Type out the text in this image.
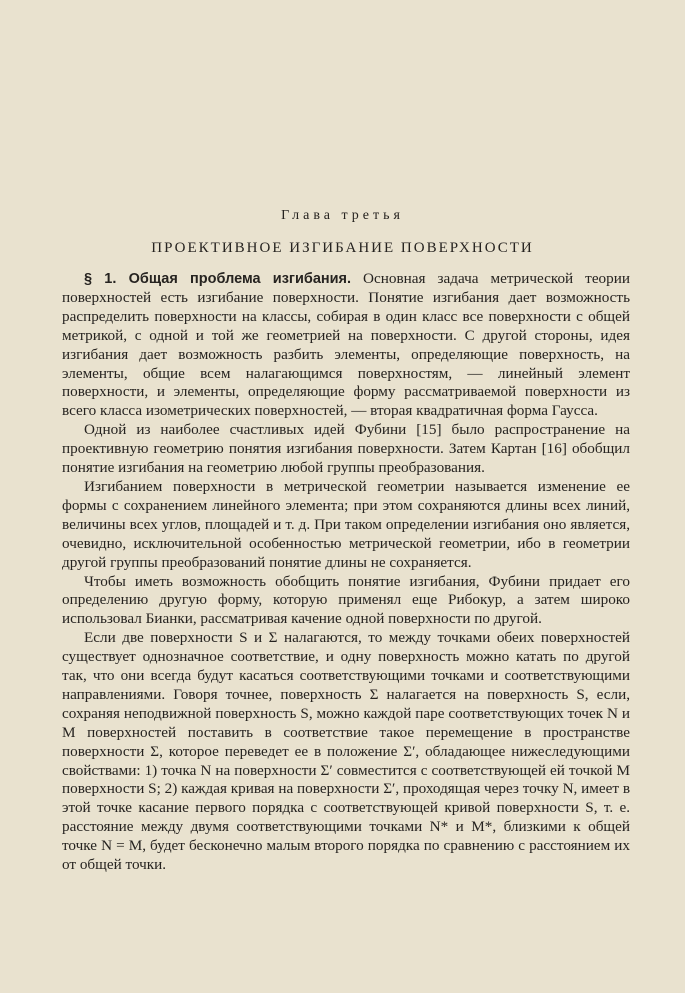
Глава третья
ПРОЕКТИВНОЕ ИЗГИБАНИЕ ПОВЕРХНОСТИ

§ 1. Общая проблема изгибания. Основная задача метрической теории поверхностей есть изгибание поверхности. Понятие изгибания дает возможность распределить поверхности на классы, собирая в один класс все поверхности с общей метрикой, с одной и той же геометрией на поверхности. С другой стороны, идея изгибания дает возможность разбить элементы, определяющие поверхность, на элементы, общие всем налагающимся поверхностям, — линейный элемент поверхности, и элементы, определяющие форму рассматриваемой поверхности из всего класса изометрических поверхностей, — вторая квадратичная форма Гаусса.

Одной из наиболее счастливых идей Фубини [15] было распространение на проективную геометрию понятия изгибания поверхности. Затем Картан [16] обобщил понятие изгибания на геометрию любой группы преобразования.

Изгибанием поверхности в метрической геометрии называется изменение ее формы с сохранением линейного элемента; при этом сохраняются длины всех линий, величины всех углов, площадей и т. д. При таком определении изгибания оно является, очевидно, исключительной особенностью метрической геометрии, ибо в геометрии другой группы преобразований понятие длины не сохраняется.

Чтобы иметь возможность обобщить понятие изгибания, Фубини придает его определению другую форму, которую применял еще Рибокур, а затем широко использовал Бианки, рассматривая качение одной поверхности по другой.

Если две поверхности S и Σ налагаются, то между точками обеих поверхностей существует однозначное соответствие, и одну поверхность можно катать по другой так, что они всегда будут касаться соответствующими точками и соответствующими направлениями. Говоря точнее, поверхность Σ налагается на поверхность S, если, сохраняя неподвижной поверхность S, можно каждой паре соответствующих точек N и M поверхностей поставить в соответствие такое перемещение в пространстве поверхности Σ, которое переведет ее в положение Σ′, обладающее нижеследующими свойствами: 1) точка N на поверхности Σ′ совместится с соответствующей ей точкой M поверхности S; 2) каждая кривая на поверхности Σ′, проходящая через точку N, имеет в этой точке касание первого порядка с соответствующей кривой поверхности S, т. е. расстояние между двумя соответствующими точками N* и M*, близкими к общей точке N = M, будет бесконечно малым второго порядка по сравнению с расстоянием их от общей точки.
